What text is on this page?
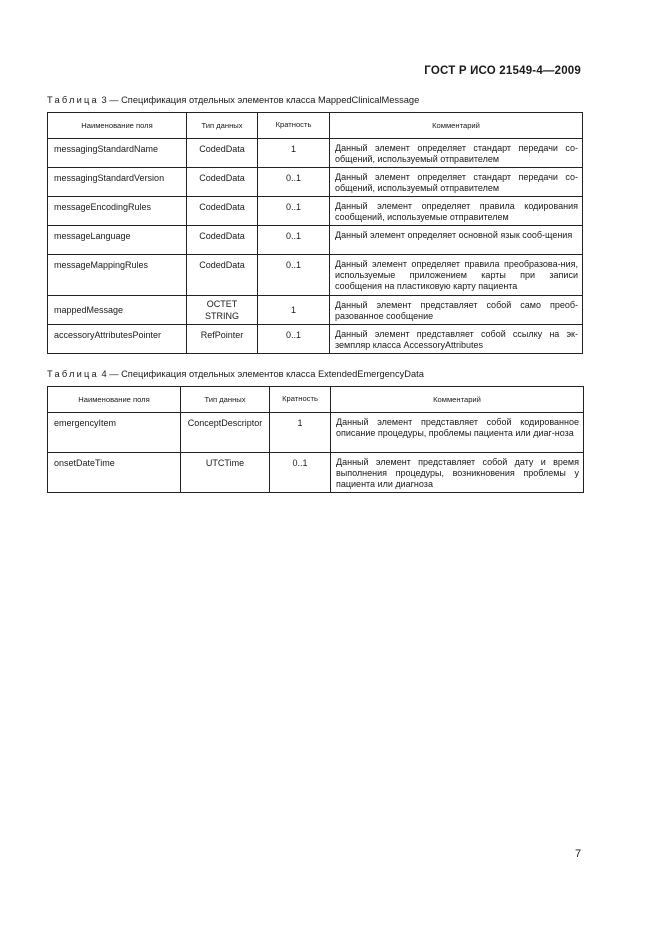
ГОСТ Р ИСО 21549-4—2009
Таблица 3 — Спецификация отдельных элементов класса MappedClinicalMessage
Наименование поля	Тип данных	Кратность	Комментарий
messagingStandardName	CodedData	1	Данный элемент определяет стандарт передачи со-общений, используемый отправителем
messagingStandardVersion	CodedData	0..1	Данный элемент определяет стандарт передачи со-общений, используемый отправителем
messageEncodingRules	CodedData	0..1	Данный элемент определяет правила кодирования сообщений, используемые отправителем
messageLanguage	CodedData	0..1	Данный элемент определяет основной язык сооб-щения
messageMappingRules	CodedData	0..1	Данный элемент определяет правила преобразова-ния, используемые приложением карты при записи сообщения на пластиковую карту пациента
mappedMessage	OCTET STRING	1	Данный элемент представляет собой само преоб-разованное сообщение
accessoryAttributesPointer	RefPointer	0..1	Данный элемент представляет собой ссылку на эк-земпляр класса AccessoryAttributes
Таблица 4 — Спецификация отдельных элементов класса ExtendedEmergencyData
Наименование поля	Тип данных	Кратность	Комментарий
emergencyItem	ConceptDescriptor	1	Данный элемент представляет собой кодированное описание процедуры, проблемы пациента или диаг-ноза
onsetDateTime	UTCTime	0..1	Данный элемент представляет собой дату и время выполнения процедуры, возникновения проблемы у пациента или диагноза
7
